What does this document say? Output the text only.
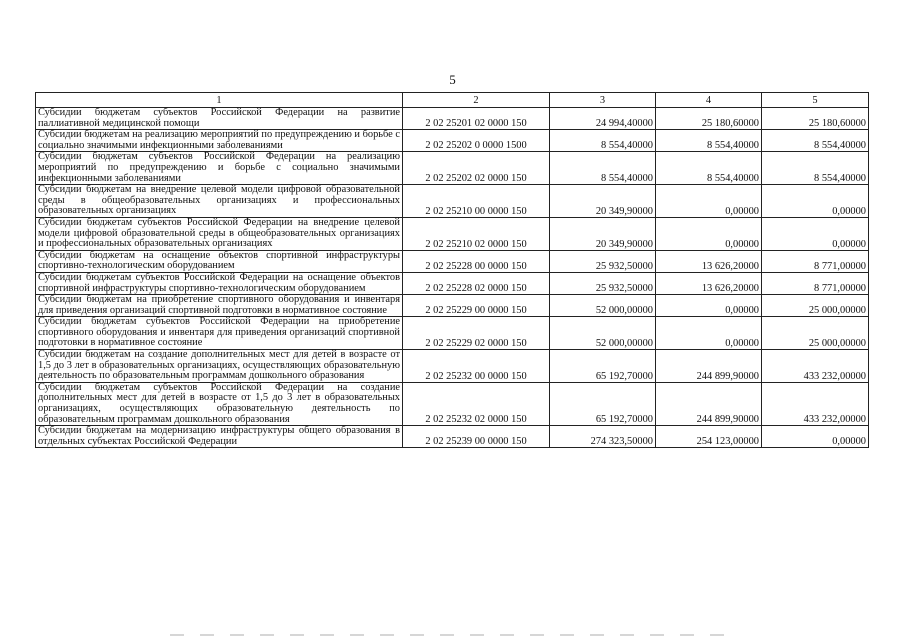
5
1	2	3	4	5
Субсидии бюджетам субъектов Российской Федерации на развитие паллиативной медицинской помощи	2 02 25201 02 0000 150	24 994,40000	25 180,60000	25 180,60000
Субсидии бюджетам на реализацию мероприятий по предупреждению и борьбе с социально значимыми инфекционными заболеваниями	2 02 25202 0 0000 1500	8 554,40000	8 554,40000	8 554,40000
Субсидии бюджетам субъектов Российской Федерации на реализацию мероприятий по предупреждению и борьбе с социально значимыми инфекционными заболеваниями	2 02 25202 02 0000 150	8 554,40000	8 554,40000	8 554,40000
Субсидии бюджетам на внедрение целевой модели цифровой образовательной среды в общеобразовательных организациях и профессиональных образовательных организациях	2 02 25210 00 0000 150	20 349,90000	0,00000	0,00000
Субсидии бюджетам субъектов Российской Федерации на внедрение целевой модели цифровой образовательной среды в общеобразовательных организациях и профессиональных образовательных организациях	2 02 25210 02 0000 150	20 349,90000	0,00000	0,00000
Субсидии бюджетам на оснащение объектов спортивной инфраструктуры спортивно-технологическим оборудованием	2 02 25228 00 0000 150	25 932,50000	13 626,20000	8 771,00000
Субсидии бюджетам субъектов Российской Федерации на оснащение объектов спортивной инфраструктуры спортивно-технологическим оборудованием	2 02 25228 02 0000 150	25 932,50000	13 626,20000	8 771,00000
Субсидии бюджетам на приобретение спортивного оборудования и инвентаря для приведения организаций спортивной подготовки в нормативное состояние	2 02 25229 00 0000 150	52 000,00000	0,00000	25 000,00000
Субсидии бюджетам субъектов Российской Федерации на приобретение спортивного оборудования и инвентаря для приведения организаций спортивной подготовки в нормативное состояние	2 02 25229 02 0000 150	52 000,00000	0,00000	25 000,00000
Субсидии бюджетам на создание дополнительных мест для детей в возрасте от 1,5 до 3 лет в образовательных организациях, осуществляющих образовательную деятельность по образовательным программам дошкольного образования	2 02 25232 00 0000 150	65 192,70000	244 899,90000	433 232,00000
Субсидии бюджетам субъектов Российской Федерации на создание дополнительных мест для детей в возрасте от 1,5 до 3 лет в образовательных организациях, осуществляющих образовательную деятельность по образовательным программам дошкольного образования	2 02 25232 02 0000 150	65 192,70000	244 899,90000	433 232,00000
Субсидии бюджетам на модернизацию инфраструктуры общего образования в отдельных субъектах Российской Федерации	2 02 25239 00 0000 150	274 323,50000	254 123,00000	0,00000
